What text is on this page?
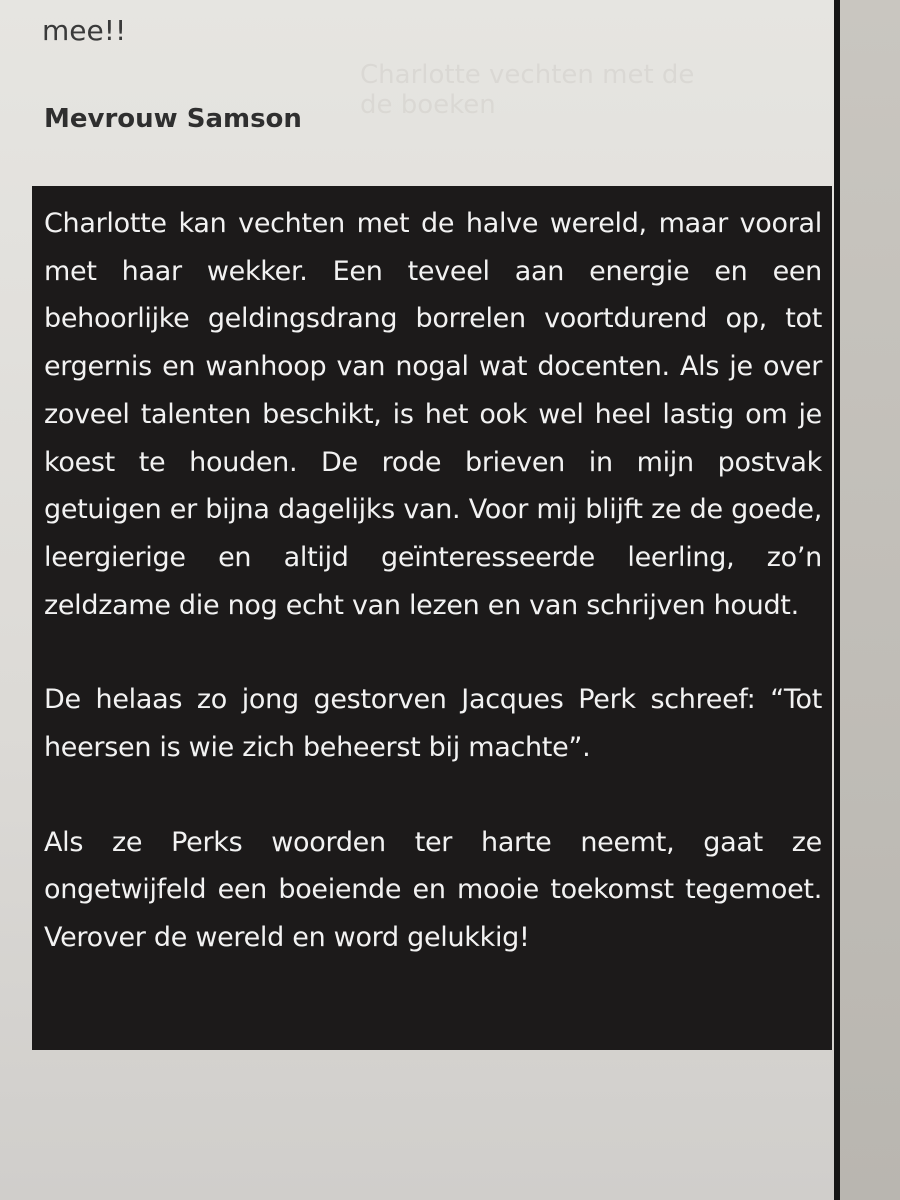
Charlotte vechten met de
de boeken

mee!!

Mevrouw Samson

Charlotte kan vechten met de halve wereld, maar vooral met haar wekker. Een teveel aan energie en een behoorlijke geldingsdrang borrelen voortdurend op, tot ergernis en wanhoop van nogal wat docenten. Als je over zoveel talenten beschikt, is het ook wel heel lastig om je koest te houden. De rode brieven in mijn postvak getuigen er bijna dagelijks van. Voor mij blijft ze de goede, leergierige en altijd geïnteresseerde leerling, zo’n zeldzame die nog echt van lezen en van schrijven houdt.

De helaas zo jong gestorven Jacques Perk schreef: “Tot heersen is wie zich beheerst bij machte”.

Als ze Perks woorden ter harte neemt, gaat ze ongetwijfeld een boeiende en mooie toekomst tegemoet. Verover de wereld en word gelukkig!
